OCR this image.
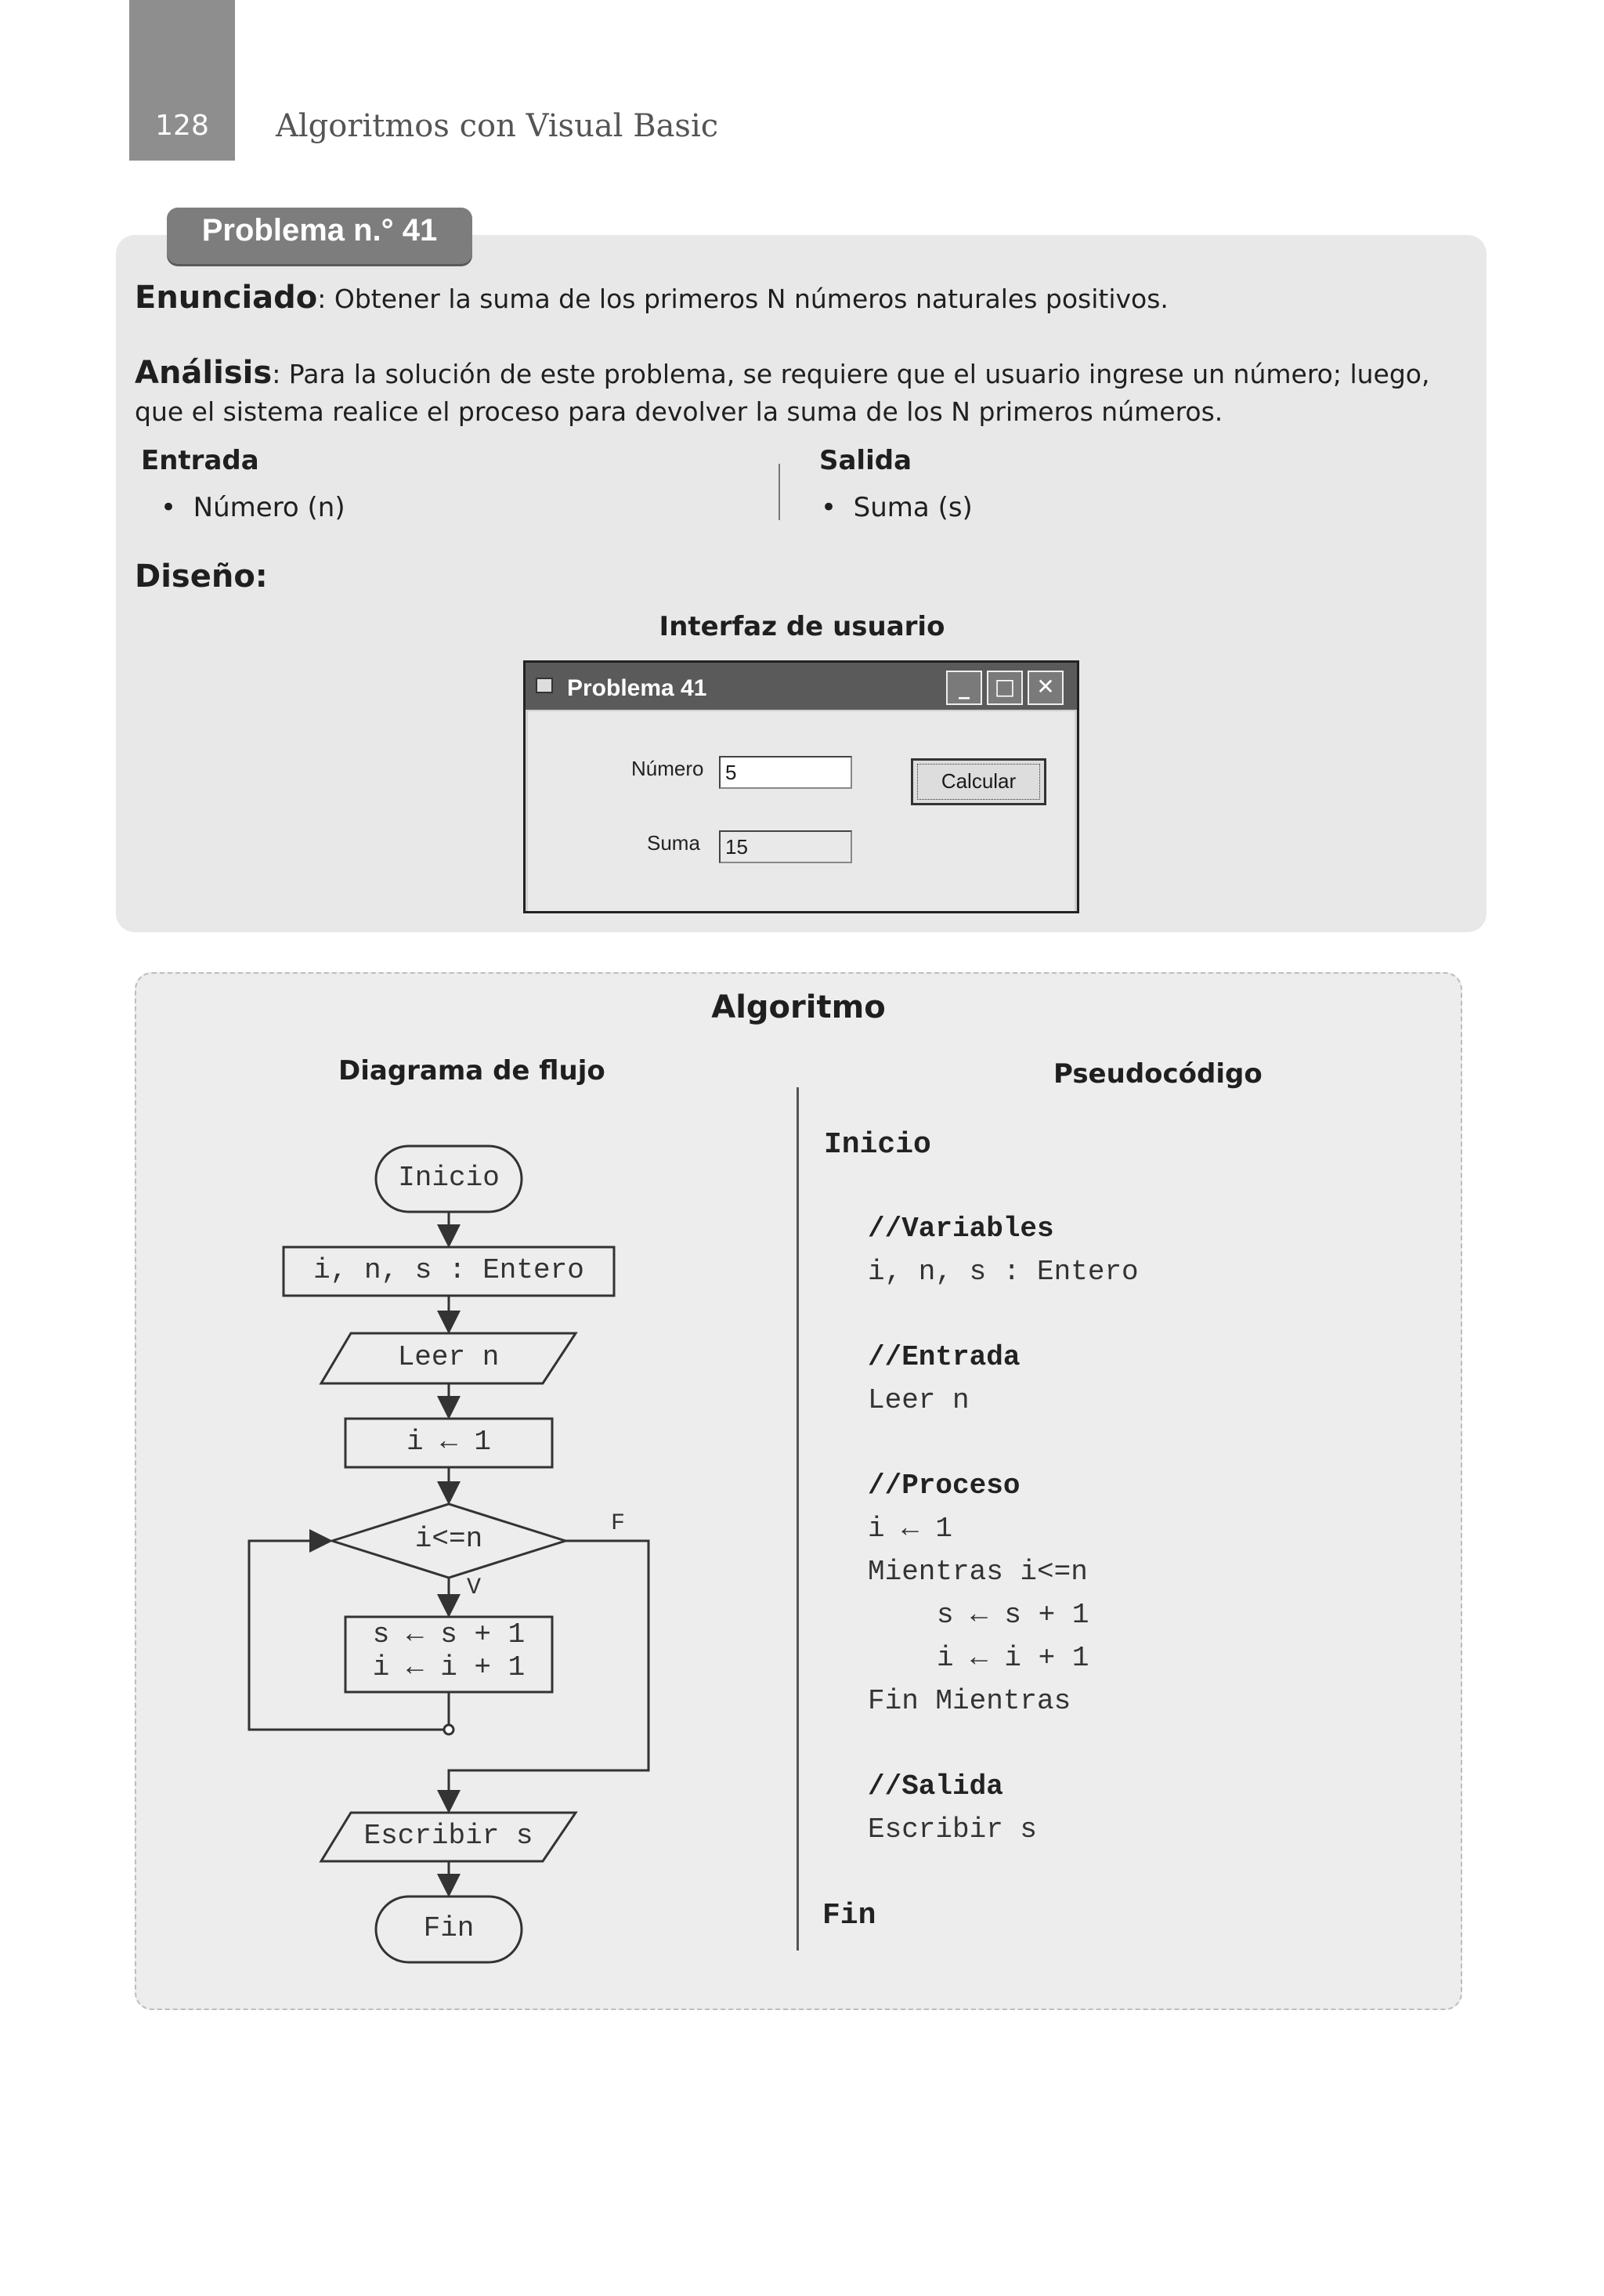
128	Algoritmos con Visual Basic
Problema n.° 41
Enunciado: Obtener la suma de los primeros N números naturales positivos.
Análisis: Para la solución de este problema, se requiere que el usuario ingrese un número; luego, que el sistema realice el proceso para devolver la suma de los N primeros números.
Entrada
•  Número (n)
Salida
•  Suma (s)
Diseño:
Interfaz de usuario
Problema 41	_	□ ✕
Número	5	Calcular
Suma	15
Algoritmo
Diagrama de flujo	Pseudocódigo
Inicio
i, n, s : Entero
Leer n
i ← 1
i<=n
V
F
s ← s + 1
i ← i + 1
Escribir s
Fin
Inicio
//Variables
i, n, s : Entero
//Entrada
Leer n
//Proceso
i ← 1
Mientras i<=n
s ← s + 1
i ← i + 1
Fin Mientras
//Salida
Escribir s
Fin
